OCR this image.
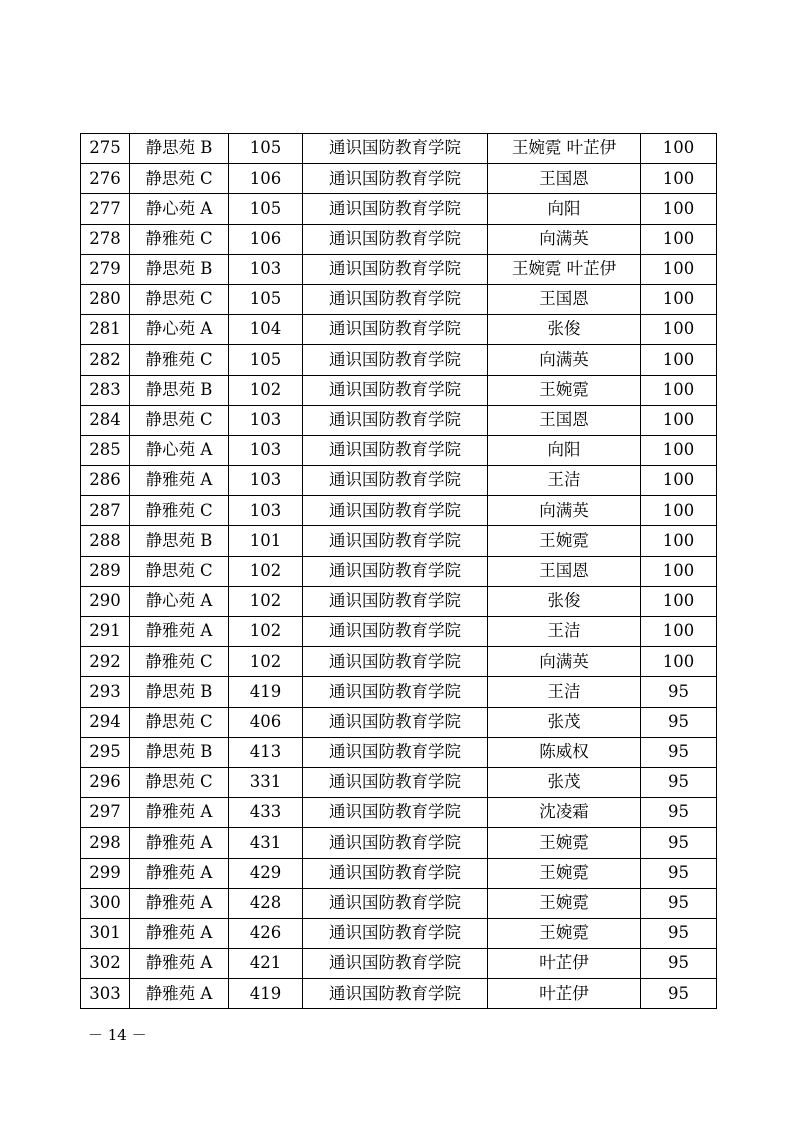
275	静思苑 B	105	通识国防教育学院	王婉霓 叶芷伊	100
276	静思苑 C	106	通识国防教育学院	王国恩	100
277	静心苑 A	105	通识国防教育学院	向阳	100
278	静雅苑 C	106	通识国防教育学院	向满英	100
279	静思苑 B	103	通识国防教育学院	王婉霓 叶芷伊	100
280	静思苑 C	105	通识国防教育学院	王国恩	100
281	静心苑 A	104	通识国防教育学院	张俊	100
282	静雅苑 C	105	通识国防教育学院	向满英	100
283	静思苑 B	102	通识国防教育学院	王婉霓	100
284	静思苑 C	103	通识国防教育学院	王国恩	100
285	静心苑 A	103	通识国防教育学院	向阳	100
286	静雅苑 A	103	通识国防教育学院	王洁	100
287	静雅苑 C	103	通识国防教育学院	向满英	100
288	静思苑 B	101	通识国防教育学院	王婉霓	100
289	静思苑 C	102	通识国防教育学院	王国恩	100
290	静心苑 A	102	通识国防教育学院	张俊	100
291	静雅苑 A	102	通识国防教育学院	王洁	100
292	静雅苑 C	102	通识国防教育学院	向满英	100
293	静思苑 B	419	通识国防教育学院	王洁	95
294	静思苑 C	406	通识国防教育学院	张茂	95
295	静思苑 B	413	通识国防教育学院	陈威权	95
296	静思苑 C	331	通识国防教育学院	张茂	95
297	静雅苑 A	433	通识国防教育学院	沈凌霜	95
298	静雅苑 A	431	通识国防教育学院	王婉霓	95
299	静雅苑 A	429	通识国防教育学院	王婉霓	95
300	静雅苑 A	428	通识国防教育学院	王婉霓	95
301	静雅苑 A	426	通识国防教育学院	王婉霓	95
302	静雅苑 A	421	通识国防教育学院	叶芷伊	95
303	静雅苑 A	419	通识国防教育学院	叶芷伊	95
－ 14 －
